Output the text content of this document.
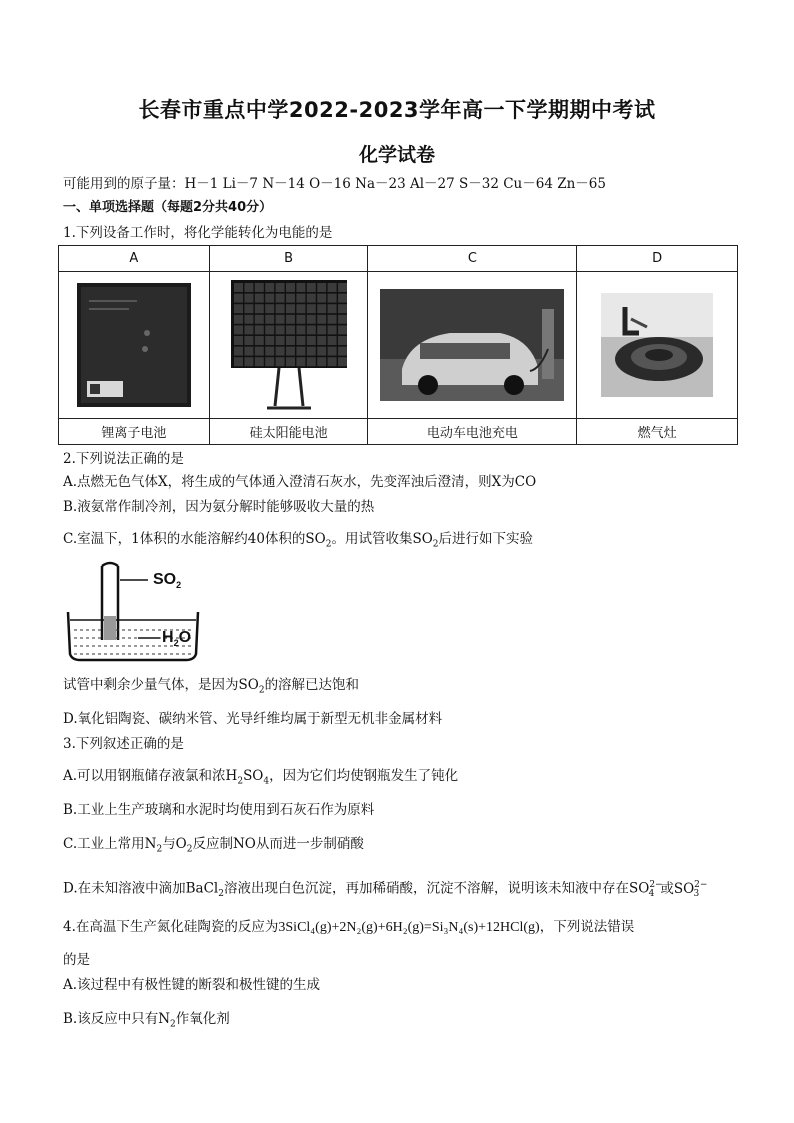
长春市重点中学2022-2023学年高一下学期期中考试
化学试卷
可能用到的原子量：H－1 Li－7 N－14 O－16 Na－23 Al－27 S－32 Cu－64 Zn－65
一、单项选择题（每题2分共40分）
1.下列设备工作时，将化学能转化为电能的是
A	B	C	D

锂离子电池	硅太阳能电池	电动车电池充电	燃气灶
2.下列说法正确的是
A.点燃无色气体X，将生成的气体通入澄清石灰水，先变浑浊后澄清，则X为CO
B.液氨常作制冷剂，因为氨分解时能够吸收大量的热
C.室温下，1体积的水能溶解约40体积的$SO_2$。用试管收集$SO_2$后进行如下实验
$SO_2$
$H_2O$
试管中剩余少量气体，是因为$SO_2$的溶解已达饱和
D.氧化铝陶瓷、碳纳米管、光导纤维均属于新型无机非金属材料
3.下列叙述正确的是
A.可以用钢瓶储存液氯和浓$H_2SO_4$，因为它们均使钢瓶发生了钝化
B.工业上生产玻璃和水泥时均使用到石灰石作为原料
C.工业上常用$N_2$与$O_2$反应制NO从而进一步制硝酸
D.在未知溶液中滴加BaCl$_2$溶液出现白色沉淀，再加稀硝酸，沉淀不溶解，说明该未知液中存在$SO^{2-}_4$ 或$SO^{2-}_3$
4.在高温下生产氮化硅陶瓷的反应为3SiCl₄(g)+2N₂(g)+6H₂(g)=Si₃N₄(s)+12HCl(g)，下列说法错误
的是
A.该过程中有极性键的断裂和极性键的生成
B.该反应中只有$N_2$作氧化剂
